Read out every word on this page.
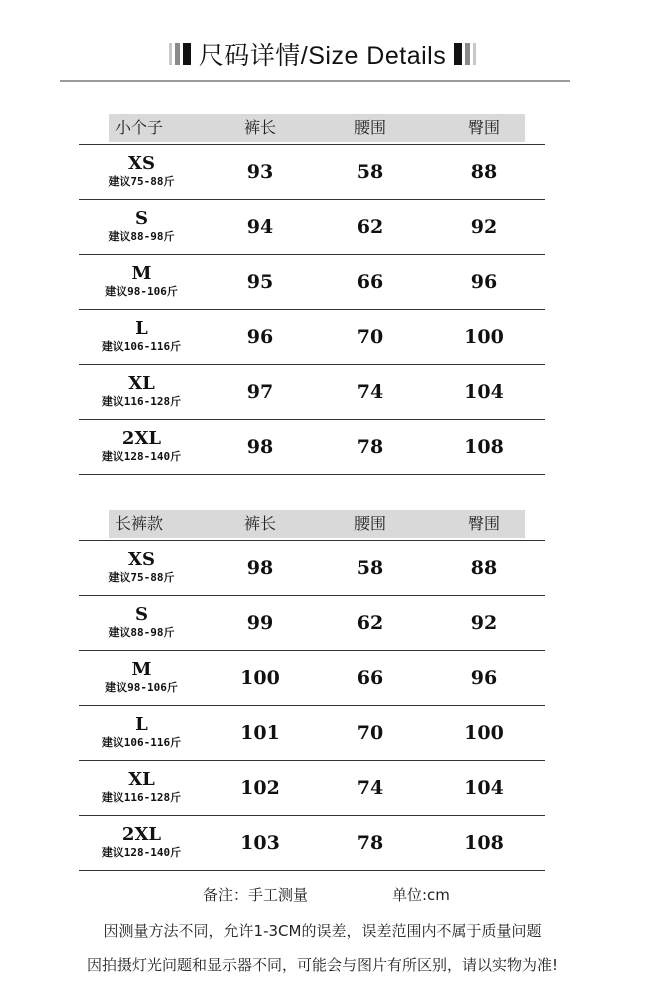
尺码详情/Size Details
小个子	裤长	腰围	臀围
XS
建议75-88斤	93	58	88
S
建议88-98斤	94	62	92
M
建议98-106斤	95	66	96
L
建议106-116斤	96	70	100
XL
建议116-128斤	97	74	104
2XL
建议128-140斤	98	78	108
长裤款	裤长	腰围	臀围
XS
建议75-88斤	98	58	88
S
建议88-98斤	99	62	92
M
建议98-106斤	100	66	96
L
建议106-116斤	101	70	100
XL
建议116-128斤	102	74	104
2XL
建议128-140斤	103	78	108
备注：手工测量	单位:cm
因测量方法不同，允许1-3CM的误差，误差范围内不属于质量问题
因拍摄灯光问题和显示器不同，可能会与图片有所区别，请以实物为准!
